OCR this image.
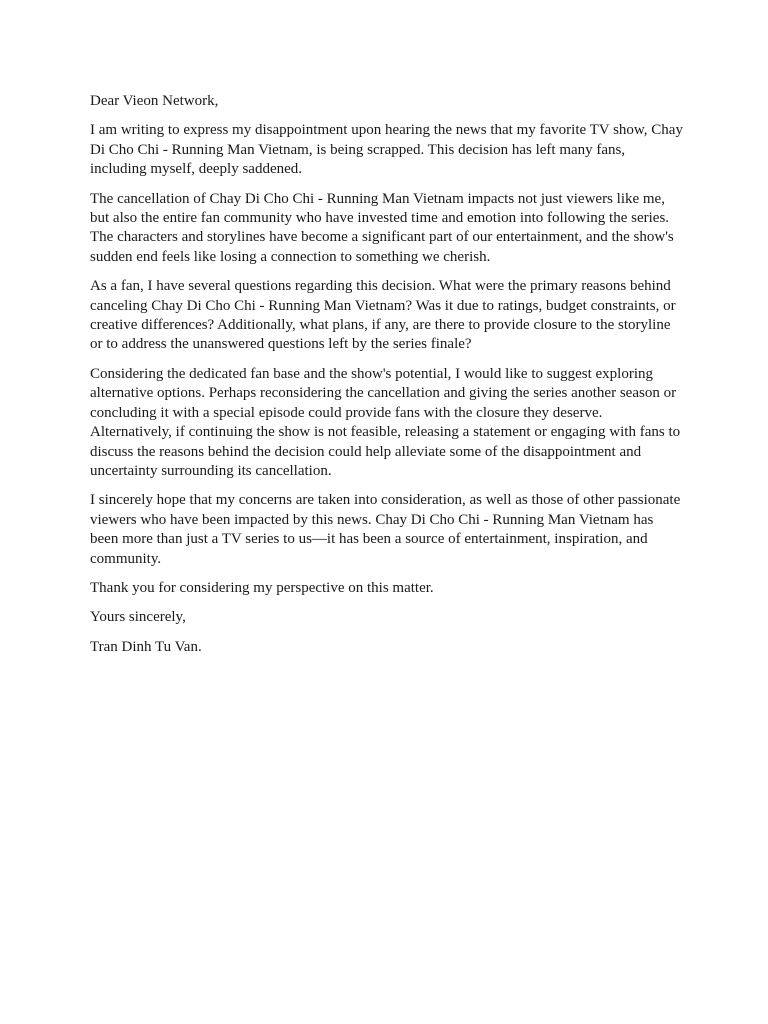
Dear Vieon Network,

I am writing to express my disappointment upon hearing the news that my favorite TV show, Chay Di Cho Chi - Running Man Vietnam, is being scrapped. This decision has left many fans, including myself, deeply saddened.

The cancellation of Chay Di Cho Chi - Running Man Vietnam impacts not just viewers like me, but also the entire fan community who have invested time and emotion into following the series. The characters and storylines have become a significant part of our entertainment, and the show's sudden end feels like losing a connection to something we cherish.

As a fan, I have several questions regarding this decision. What were the primary reasons behind canceling Chay Di Cho Chi - Running Man Vietnam? Was it due to ratings, budget constraints, or creative differences? Additionally, what plans, if any, are there to provide closure to the storyline or to address the unanswered questions left by the series finale?

Considering the dedicated fan base and the show's potential, I would like to suggest exploring alternative options. Perhaps reconsidering the cancellation and giving the series another season or concluding it with a special episode could provide fans with the closure they deserve. Alternatively, if continuing the show is not feasible, releasing a statement or engaging with fans to discuss the reasons behind the decision could help alleviate some of the disappointment and uncertainty surrounding its cancellation.

I sincerely hope that my concerns are taken into consideration, as well as those of other passionate viewers who have been impacted by this news. Chay Di Cho Chi - Running Man Vietnam has been more than just a TV series to us—it has been a source of entertainment, inspiration, and community.

Thank you for considering my perspective on this matter.

Yours sincerely,

Tran Dinh Tu Van.
